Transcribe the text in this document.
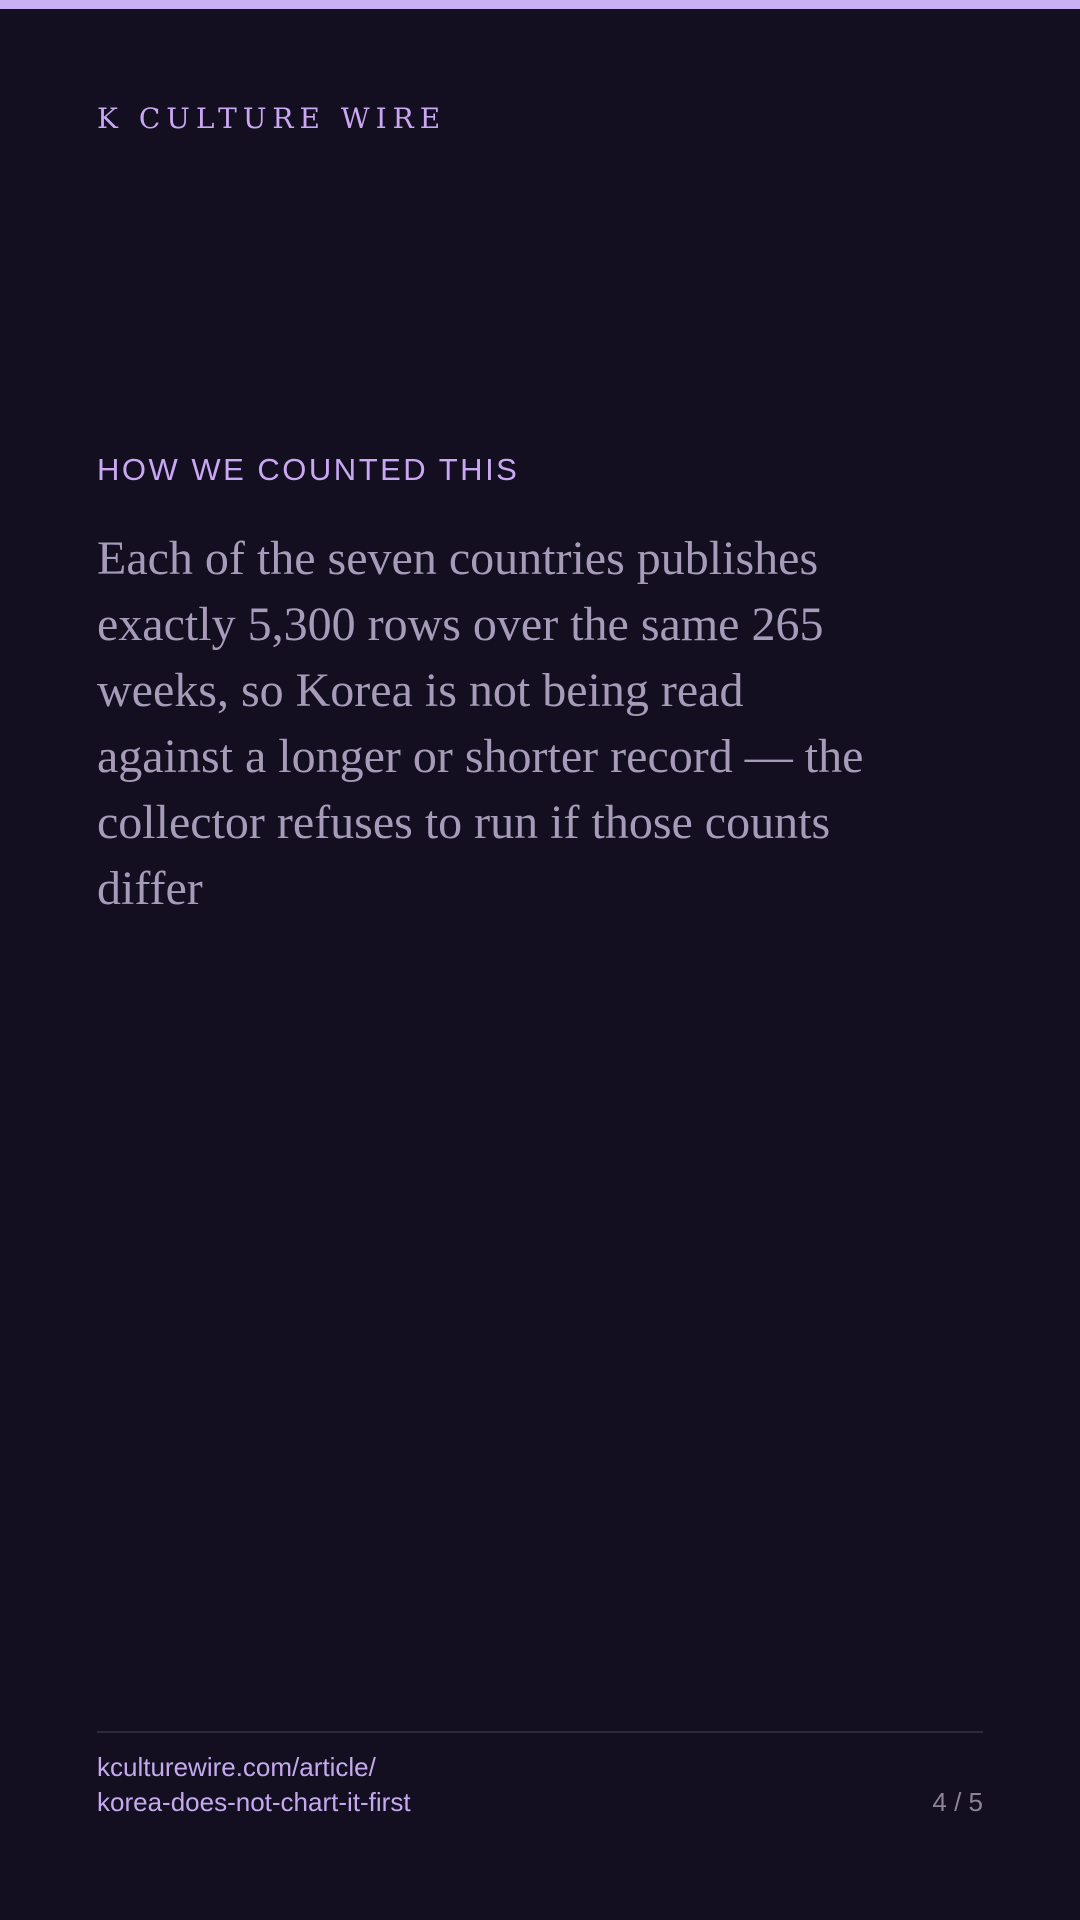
K CULTURE WIRE
HOW WE COUNTED THIS

Each of the seven countries publishes exactly 5,300 rows over the same 265 weeks, so Korea is not being read against a longer or shorter record — the collector refuses to run if those counts differ

kculturewire.com/article/
korea-does-not-chart-it-first	4 / 5
